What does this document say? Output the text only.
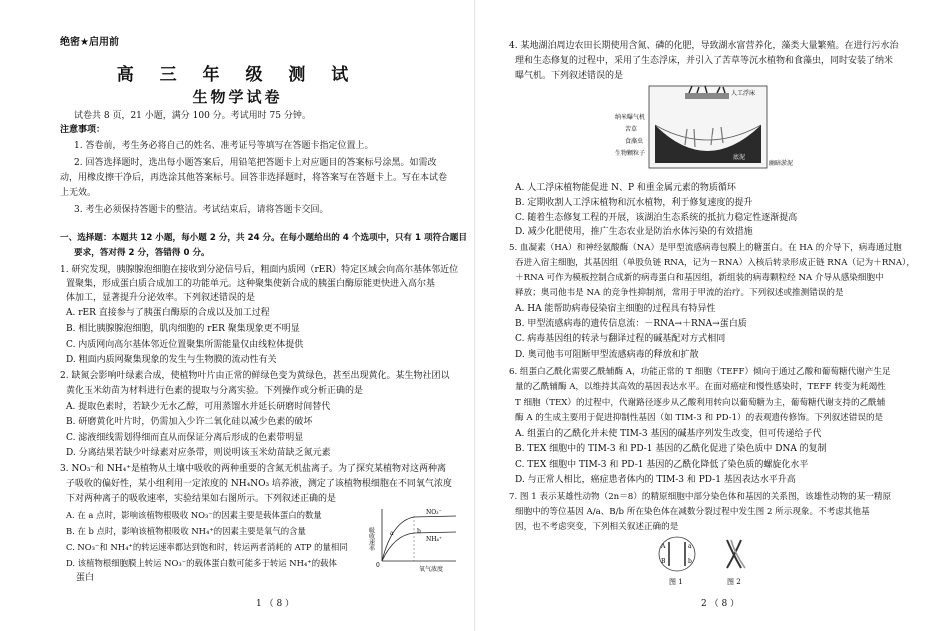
绝密★启用前
高 三 年 级 测 试
生物学试卷
试卷共 8 页，21 小题，满分 100 分。考试用时 75 分钟。
注意事项：
1. 答卷前，考生务必将自己的姓名、准考证号等填写在答题卡指定位置上。
2. 回答选择题时，选出每小题答案后，用铅笔把答题卡上对应题目的答案标号涂黑。如需改
动，用橡皮擦干净后，再选涂其他答案标号。回答非选择题时，将答案写在答题卡上。写在本试卷
上无效。
3. 考生必须保持答题卡的整洁。考试结束后，请将答题卡交回。
一、选择题：本题共 12 小题，每小题 2 分，共 24 分。在每小题给出的 4 个选项中，只有 1 项符合题目
要求，答对得 2 分，答错得 0 分。
1. 研究发现，胰腺腺泡细胞在接收到分泌信号后，粗面内质网（rER）特定区域会向高尔基体邻近位
置聚集，形成蛋白质合成加工的功能单元。这种聚集使新合成的胰蛋白酶原能更快进入高尔基
体加工，显著提升分泌效率。下列叙述错误的是
A. rER 直接参与了胰蛋白酶原的合成以及加工过程
B. 相比胰腺腺泡细胞，肌肉细胞的 rER 聚集现象更不明显
C. 内质网向高尔基体邻近位置聚集所需能量仅由线粒体提供
D. 粗面内质网聚集现象的发生与生物膜的流动性有关
2. 缺氮会影响叶绿素合成，使植物叶片由正常的鲜绿色变为黄绿色，甚至出现黄化。某生物社团以
黄化玉米幼苗为材料进行色素的提取与分离实验。下列操作或分析正确的是
A. 提取色素时，若缺少无水乙醇，可用蒸馏水并延长研磨时间替代
B. 研磨黄化叶片时，仍需加入少许二氧化硅以减少色素的破坏
C. 滤液细线需划得细而直从而保证分离后形成的色素带明显
D. 分离结果若缺少叶绿素对应条带，则说明该玉米幼苗缺乏氮元素
3. NO₃⁻和 NH₄⁺是植物从土壤中吸收的两种重要的含氮无机盐离子。为了探究某植物对这两种离
子吸收的偏好性，某小组利用一定浓度的 NH₄NO₃ 培养液，测定了该植物根细胞在不同氧气浓度
下对两种离子的吸收速率，实验结果如右图所示。下列叙述正确的是
A. 在 a 点时，影响该植物根吸收 NO₃⁻的因素主要是载体蛋白的数量
B. 在 b 点时，影响该植物根吸收 NH₄⁺的因素主要是氧气的含量
C. NO₃⁻和 NH₄⁺的转运速率都达到饱和时，转运两者消耗的 ATP 的量相同
D. 该植物根细胞膜上转运 NO₃⁻的载体蛋白数可能多于转运 NH₄⁺的载体
蛋白
吸收速率
氧气浓度
NO₃⁻
NH₄⁺
a	b
0
1 （ 8 ）
4. 某地湖泊周边农田长期使用含氮、磷的化肥，导致湖水富营养化，藻类大量繁殖。在进行污水治
理和生态修复的过程中，采用了生态浮床，并引入了苦草等沉水植物和食藻虫，同时安装了纳米
曝气机。下列叙述错误的是
人工浮床
纳米曝气机
苦草
食藻虫
生物颗粒子
水
底泥
幽暗淤泥
A. 人工浮床植物能促进 N、P 和重金属元素的物质循环
B. 定期收割人工浮床植物和沉水植物，利于修复速度的提升
C. 随着生态修复工程的开展，该湖泊生态系统的抵抗力稳定性逐渐提高
D. 减少化肥使用，推广生态农业是防治水体污染的有效措施
5. 血凝素（HA）和神经氨酸酶（NA）是甲型流感病毒包膜上的糖蛋白。在 HA 的介导下，病毒通过胞
吞进入宿主细胞，其基因组（单股负链 RNA，记为－RNA）入核后转录形成正链 RNA（记为＋RNA），
＋RNA 可作为模板控制合成新的病毒蛋白和基因组，新组装的病毒颗粒经 NA 介导从感染细胞中
释放；奥司他韦是 NA 的竞争性抑制剂，常用于甲流的治疗。下列叙述或推测错误的是
A. HA 能帮助病毒侵染宿主细胞的过程具有特异性
B. 甲型流感病毒的遗传信息流：－RNA→＋RNA→蛋白质
C. 病毒基因组的转录与翻译过程的碱基配对方式相同
D. 奥司他韦可阻断甲型流感病毒的释放和扩散
6. 组蛋白乙酰化需要乙酰辅酶 A，功能正常的 T 细胞（TEFF）倾向于通过乙酸和葡萄糖代谢产生足
量的乙酰辅酶 A，以维持其高效的基因表达水平。在面对癌症和慢性感染时，TEFF 转变为耗竭性
T 细胞（TEX）的过程中，代谢路径逐步从乙酸利用转向以葡萄糖为主，葡萄糖代谢支持的乙酰辅
酶 A 的生成主要用于促进抑制性基因（如 TIM-3 和 PD-1）的表观遗传修饰。下列叙述错误的是
A. 组蛋白的乙酰化并未使 TIM-3 基因的碱基序列发生改变，但可传递给子代
B. TEX 细胞中的 TIM-3 和 PD-1 基因的乙酰化促进了染色质中 DNA 的复制
C. TEX 细胞中 TIM-3 和 PD-1 基因的乙酰化降低了染色质的螺旋化水平
D. 与正常人相比，癌症患者体内的 TIM-3 和 PD-1 基因表达水平升高
7. 图 1 表示某雄性动物（2n＝8）的精原细胞中部分染色体和基因的关系图，该雄性动物的某一精原
细胞中的等位基因 A/a、B/b 所在染色体在减数分裂过程中发生图 2 所示现象。不考虑其他基
因，也不考虑突变，下列相关叙述正确的是
A	a
B	b
图 1	图 2
2 （ 8 ）
